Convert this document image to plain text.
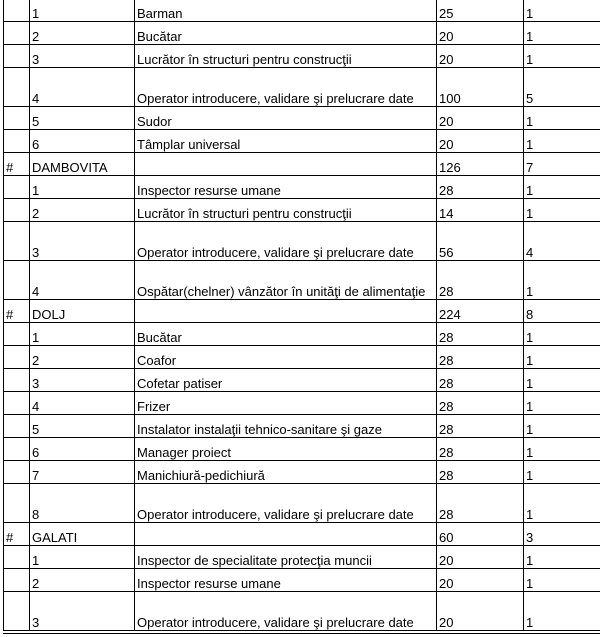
	1	Barman	25	1
	2	Bucătar	20	1
	3	Lucrător în structuri pentru construcţii	20	1
	4	Operator introducere, validare şi prelucrare date	100	5
	5	Sudor	20	1
	6	Tâmplar universal	20	1
#	DAMBOVITA		126	7
	1	Inspector resurse umane	28	1
	2	Lucrător în structuri pentru construcţii	14	1
	3	Operator introducere, validare şi prelucrare date	56	4
	4	Ospătar(chelner) vânzător în unităţi de alimentaţie	28	1
#	DOLJ		224	8
	1	Bucătar	28	1
	2	Coafor	28	1
	3	Cofetar patiser	28	1
	4	Frizer	28	1
	5	Instalator instalaţii tehnico-sanitare şi gaze	28	1
	6	Manager proiect	28	1
	7	Manichiură-pedichiură	28	1
	8	Operator introducere, validare şi prelucrare date	28	1
#	GALATI		60	3
	1	Inspector de specialitate protecţia muncii	20	1
	2	Inspector resurse umane	20	1
	3	Operator introducere, validare şi prelucrare date	20	1
